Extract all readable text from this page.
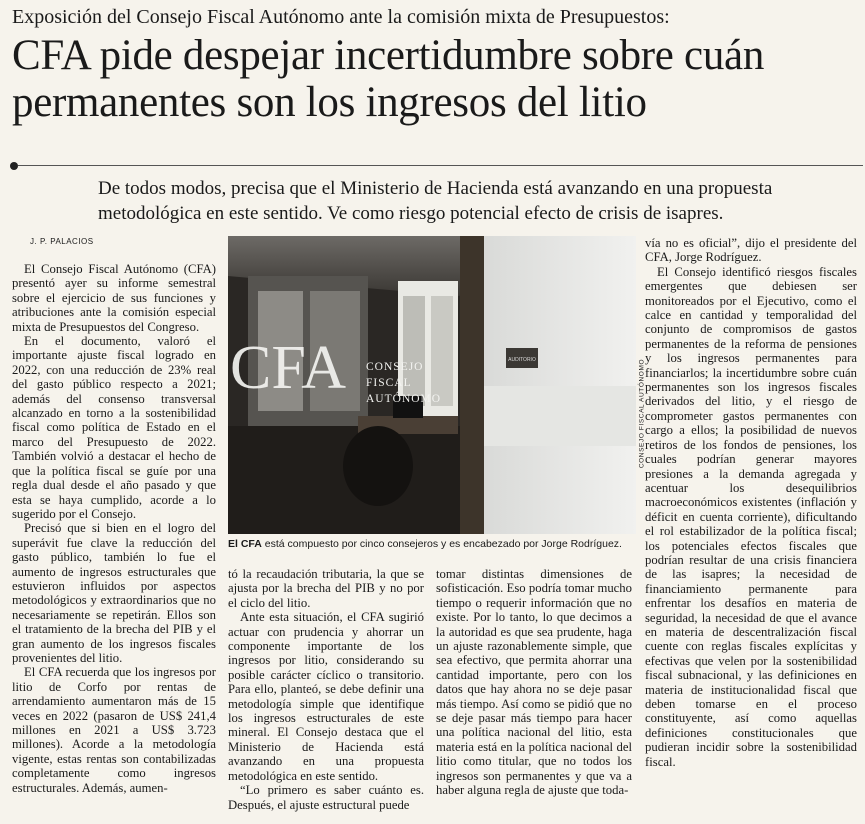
Exposición del Consejo Fiscal Autónomo ante la comisión mixta de Presupuestos:
CFA pide despejar incertidumbre sobre cuán permanentes son los ingresos del litio
De todos modos, precisa que el Ministerio de Hacienda está avanzando en una propuesta metodológica en este sentido. Ve como riesgo potencial efecto de crisis de isapres.
J. P. PALACIOS

El Consejo Fiscal Autónomo (CFA) presentó ayer su informe semestral sobre el ejercicio de sus funciones y atribuciones ante la comisión especial mixta de Presupuestos del Congreso.

En el documento, valoró el importante ajuste fiscal logrado en 2022, con una reducción de 23% real del gasto público respecto a 2021; además del consenso transversal alcanzado en torno a la sostenibilidad fiscal como política de Estado en el marco del Presupuesto de 2022. También volvió a destacar el hecho de que la política fiscal se guíe por una regla dual desde el año pasado y que esta se haya cumplido, acorde a lo sugerido por el Consejo.

Precisó que si bien en el logro del superávit fue clave la reducción del gasto público, también lo fue el aumento de ingresos estructurales que estuvieron influidos por aspectos metodológicos y extraordinarios que no necesariamente se repetirán. Ellos son el tratamiento de la brecha del PIB y el gran aumento de los ingresos fiscales provenientes del litio.

El CFA recuerda que los ingresos por litio de Corfo por rentas de arrendamiento aumentaron más de 15 veces en 2022 (pasaron de US$ 241,4 millones en 2021 a US$ 3.723 millones). Acorde a la metodología vigente, estas rentas son contabilizadas completamente como ingresos estructurales. Además, aumen-

AUDITORIO
CFA CONSEJO
FISCAL
AUTÓNOMO	CONSEJO FISCAL AUTÓNOMO
El CFA está compuesto por cinco consejeros y es encabezado por Jorge Rodríguez.

tó la recaudación tributaria, la que se ajusta por la brecha del PIB y no por el ciclo del litio.

Ante esta situación, el CFA sugirió actuar con prudencia y ahorrar un componente importante de los ingresos por litio, considerando su posible carácter cíclico o transitorio. Para ello, planteó, se debe definir una metodología simple que identifique los ingresos estructurales de este mineral. El Consejo destaca que el Ministerio de Hacienda está avanzando en una propuesta metodológica en este sentido.

“Lo primero es saber cuánto es. Después, el ajuste estructural puede

tomar distintas dimensiones de sofisticación. Eso podría tomar mucho tiempo o requerir información que no existe. Por lo tanto, lo que decimos a la autoridad es que sea prudente, haga un ajuste razonablemente simple, que sea efectivo, que permita ahorrar una cantidad importante, pero con los datos que hay ahora no se deje pasar más tiempo. Así como se pidió que no se deje pasar más tiempo para hacer una política nacional del litio, esta materia está en la política nacional del litio como titular, que no todos los ingresos son permanentes y que va a haber alguna regla de ajuste que toda-

vía no es oficial”, dijo el presidente del CFA, Jorge Rodríguez.

El Consejo identificó riesgos fiscales emergentes que debiesen ser monitoreados por el Ejecutivo, como el calce en cantidad y temporalidad del conjunto de compromisos de gastos permanentes de la reforma de pensiones y los ingresos permanentes para financiarlos; la incertidumbre sobre cuán permanentes son los ingresos fiscales derivados del litio, y el riesgo de comprometer gastos permanentes con cargo a ellos; la posibilidad de nuevos retiros de los fondos de pensiones, los cuales podrían generar mayores presiones a la demanda agregada y acentuar los desequilibrios macroeconómicos existentes (inflación y déficit en cuenta corriente), dificultando el rol estabilizador de la política fiscal; los potenciales efectos fiscales que podrían resultar de una crisis financiera de las isapres; la necesidad de financiamiento permanente para enfrentar los desafíos en materia de seguridad, la necesidad de que el avance en materia de descentralización fiscal cuente con reglas fiscales explícitas y efectivas que velen por la sostenibilidad fiscal subnacional, y las definiciones en materia de institucionalidad fiscal que deben tomarse en el proceso constituyente, así como aquellas definiciones constitucionales que pudieran incidir sobre la sostenibilidad fiscal.
